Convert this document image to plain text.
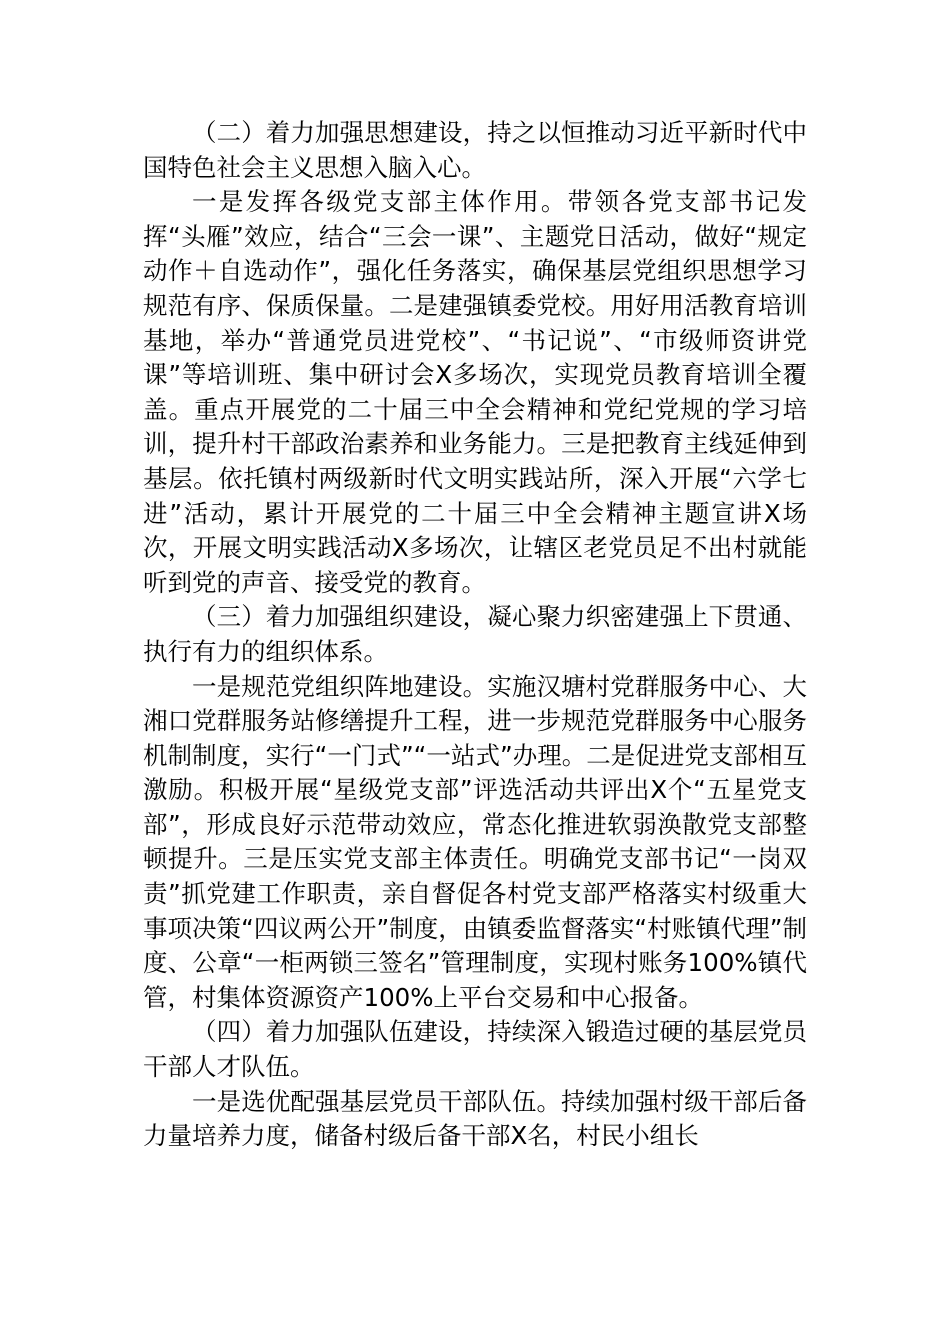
（二）着力加强思想建设，持之以恒推动习近平新时代中国特色社会主义思想入脑入心。

一是发挥各级党支部主体作用。带领各党支部书记发挥“头雁”效应，结合“三会一课”、主题党日活动，做好“规定动作＋自选动作”，强化任务落实，确保基层党组织思想学习规范有序、保质保量。二是建强镇委党校。用好用活教育培训基地，举办“普通党员进党校”、“书记说”、“市级师资讲党课”等培训班、集中研讨会X多场次，实现党员教育培训全覆盖。重点开展党的二十届三中全会精神和党纪党规的学习培训，提升村干部政治素养和业务能力。三是把教育主线延伸到基层。依托镇村两级新时代文明实践站所，深入开展“六学七进”活动，累计开展党的二十届三中全会精神主题宣讲X场次，开展文明实践活动X多场次，让辖区老党员足不出村就能听到党的声音、接受党的教育。

（三）着力加强组织建设，凝心聚力织密建强上下贯通、执行有力的组织体系。

一是规范党组织阵地建设。实施汉塘村党群服务中心、大湘口党群服务站修缮提升工程，进一步规范党群服务中心服务机制制度，实行“一门式”“一站式”办理。二是促进党支部相互激励。积极开展“星级党支部”评选活动共评出X个“五星党支部”，形成良好示范带动效应，常态化推进软弱涣散党支部整顿提升。三是压实党支部主体责任。明确党支部书记“一岗双责”抓党建工作职责，亲自督促各村党支部严格落实村级重大事项决策“四议两公开”制度，由镇委监督落实“村账镇代理”制度、公章“一柜两锁三签名”管理制度，实现村账务100%镇代管，村集体资源资产100%上平台交易和中心报备。

（四）着力加强队伍建设，持续深入锻造过硬的基层党员干部人才队伍。

一是选优配强基层党员干部队伍。持续加强村级干部后备力量培养力度，储备村级后备干部X名，村民小组长
